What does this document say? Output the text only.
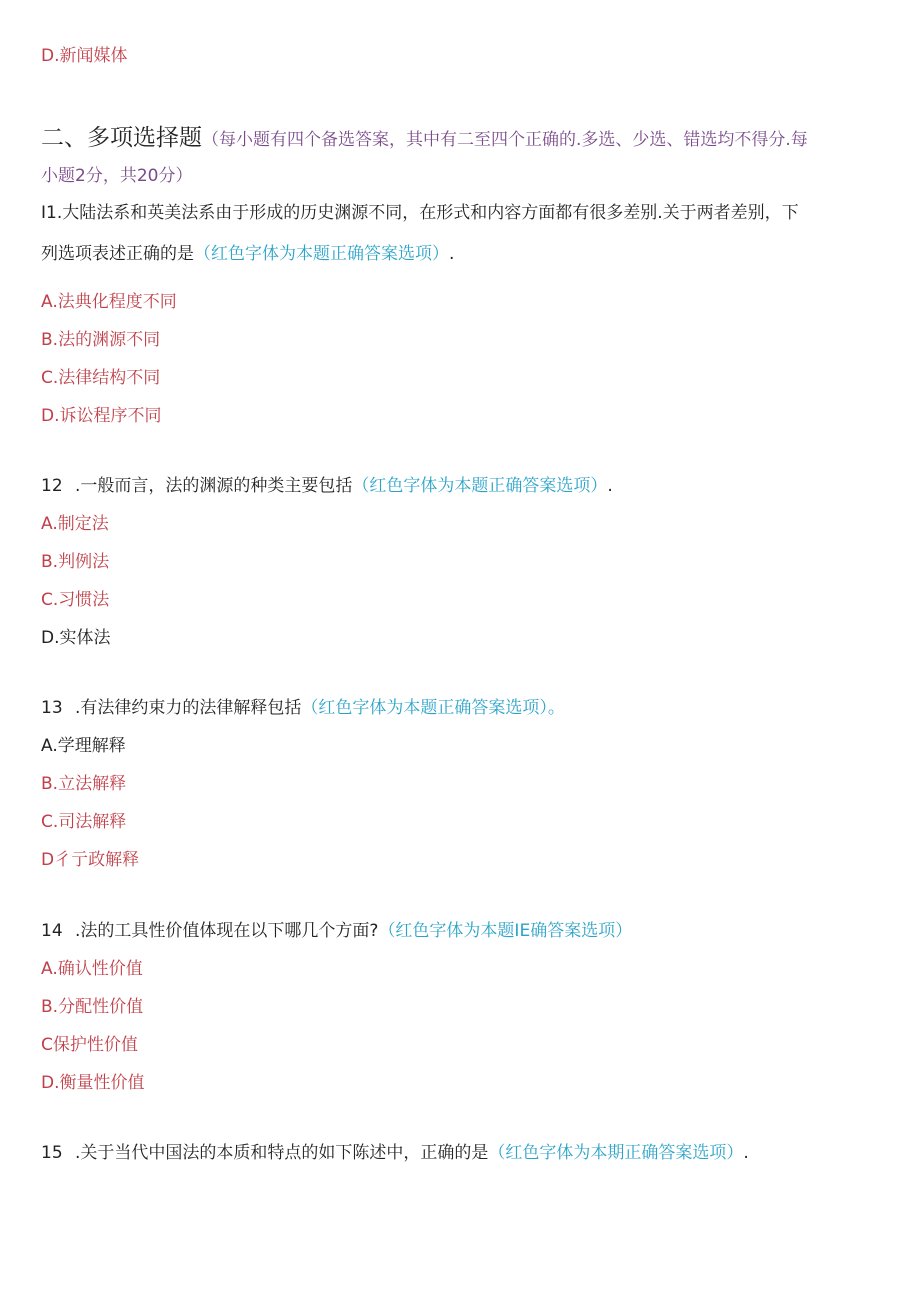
D.新闻媒体
二、多项选择题（每小题有四个备选答案，其中有二至四个正确的.多选、少选、错选均不得分.每
小题2分，共20分）
I1.大陆法系和英美法系由于形成的历史渊源不同，在形式和内容方面都有很多差别.关于两者差别，下
列选项表述正确的是（红色字体为本题正确答案选项）.
A.法典化程度不同
B.法的渊源不同
C.法律结构不同
D.诉讼程序不同
12 .一般而言，法的渊源的种类主要包括（红色字体为本题正确答案选项）.
A.制定法
B.判例法
C.习惯法
D.实体法
13 .有法律约束力的法律解释包括（红色字体为本题正确答案选项）。
A.学理解释
B.立法解释
C.司法解释
D彳亍政解释
14 .法的工具性价值体现在以下哪几个方面?（红色字体为本题IE确答案选项）
A.确认性价值
B.分配性价值
C保护性价值
D.衡量性价值
15 .关于当代中国法的本质和特点的如下陈述中，正确的是（红色字体为本期正确答案选项）.
